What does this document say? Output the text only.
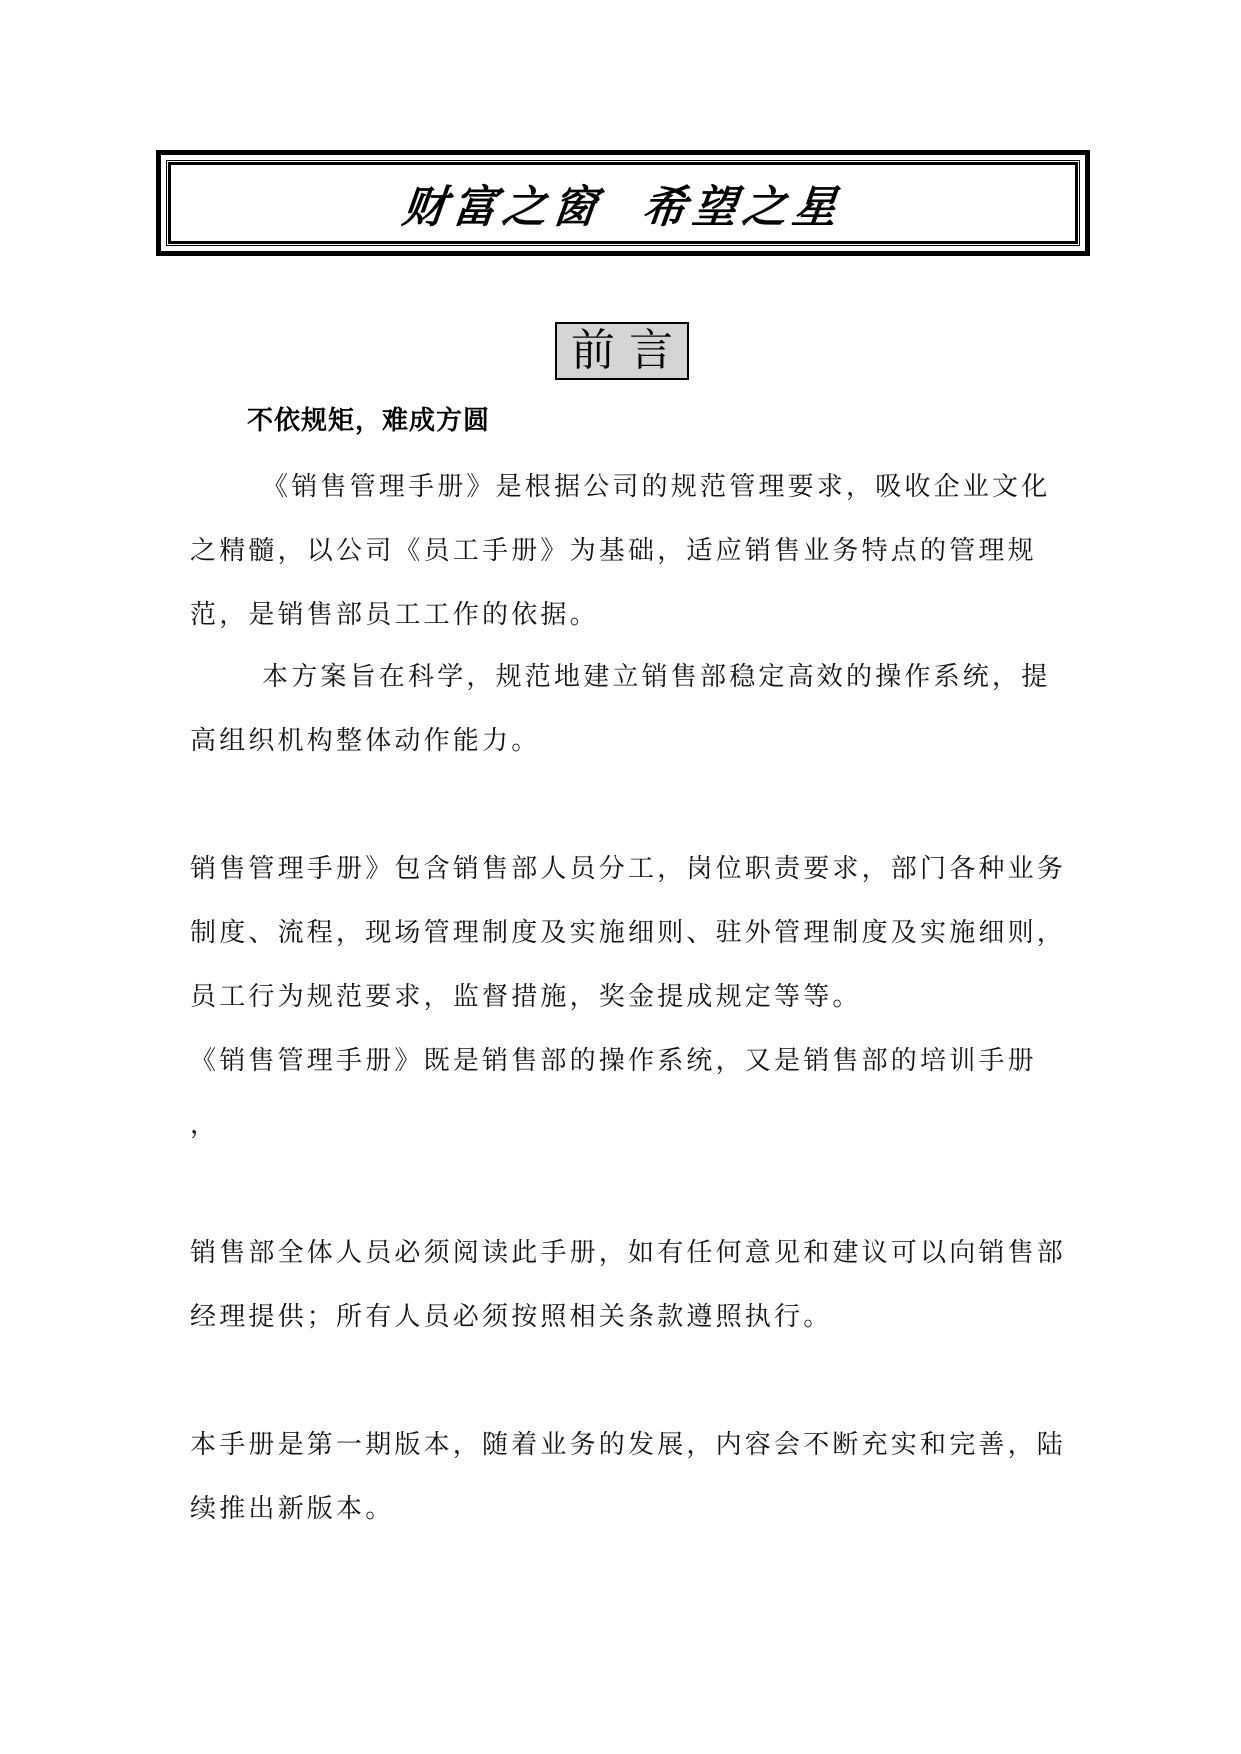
财富之窗 希望之星
前言
不依规矩，难成方圆

《销售管理手册》是根据公司的规范管理要求，吸收企业文化之精髓，以公司《员工手册》为基础，适应销售业务特点的管理规范，是销售部员工工作的依据。

本方案旨在科学，规范地建立销售部稳定高效的操作系统，提高组织机构整体动作能力。

销售管理手册》包含销售部人员分工，岗位职责要求，部门各种业务制度、流程，现场管理制度及实施细则、驻外管理制度及实施细则，员工行为规范要求，监督措施，奖金提成规定等等。

《销售管理手册》既是销售部的操作系统，又是销售部的培训手册

，

销售部全体人员必须阅读此手册，如有任何意见和建议可以向销售部经理提供；所有人员必须按照相关条款遵照执行。

本手册是第一期版本，随着业务的发展，内容会不断充实和完善，陆续推出新版本。
